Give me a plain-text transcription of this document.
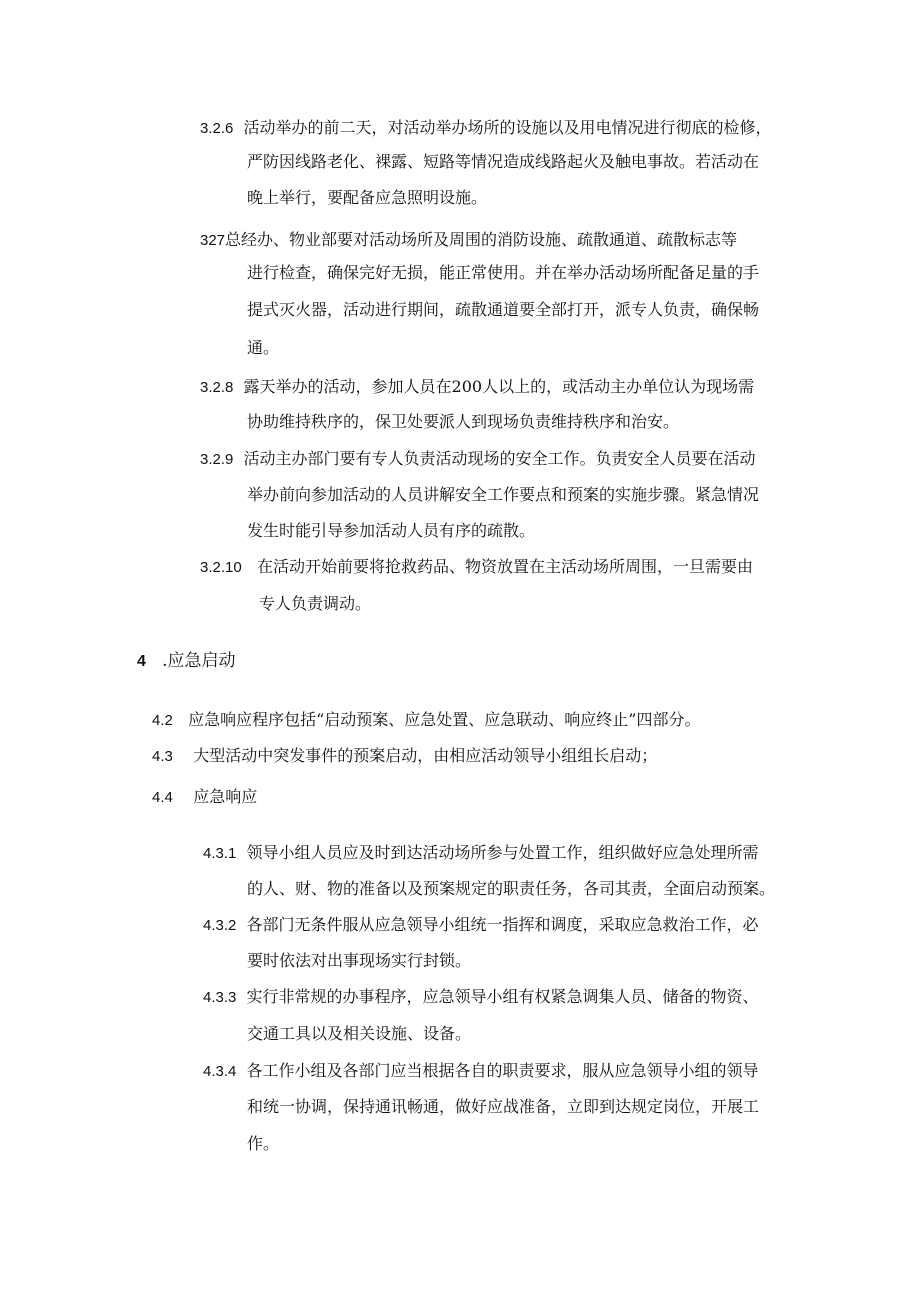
3.2.6 活动举办的前二天，对活动举办场所的设施以及用电情况进行彻底的检修，
严防因线路老化、裸露、短路等情况造成线路起火及触电事故。若活动在
晚上举行，要配备应急照明设施。
327总经办、物业部要对活动场所及周围的消防设施、疏散通道、疏散标志等
进行检查，确保完好无损，能正常使用。并在举办活动场所配备足量的手
提式灭火器，活动进行期间，疏散通道要全部打开，派专人负责，确保畅
通。
3.2.8 露天举办的活动，参加人员在200人以上的，或活动主办单位认为现场需
协助维持秩序的，保卫处要派人到现场负责维持秩序和治安。
3.2.9 活动主办部门要有专人负责活动现场的安全工作。负责安全人员要在活动
举办前向参加活动的人员讲解安全工作要点和预案的实施步骤。紧急情况
发生时能引导参加活动人员有序的疏散。
3.2.10 在活动开始前要将抢救药品、物资放置在主活动场所周围，一旦需要由
专人负责调动。
4 .应急启动
4.2 应急响应程序包括“启动预案、应急处置、应急联动、响应终止”四部分。
4.3 大型活动中突发事件的预案启动，由相应活动领导小组组长启动；
4.4 应急响应
4.3.1 领导小组人员应及时到达活动场所参与处置工作，组织做好应急处理所需
的人、财、物的准备以及预案规定的职责任务，各司其责，全面启动预案。
4.3.2 各部门无条件服从应急领导小组统一指挥和调度，采取应急救治工作，必
要时依法对出事现场实行封锁。
4.3.3 实行非常规的办事程序，应急领导小组有权紧急调集人员、储备的物资、
交通工具以及相关设施、设备。
4.3.4 各工作小组及各部门应当根据各自的职责要求，服从应急领导小组的领导
和统一协调，保持通讯畅通，做好应战准备，立即到达规定岗位，开展工
作。
